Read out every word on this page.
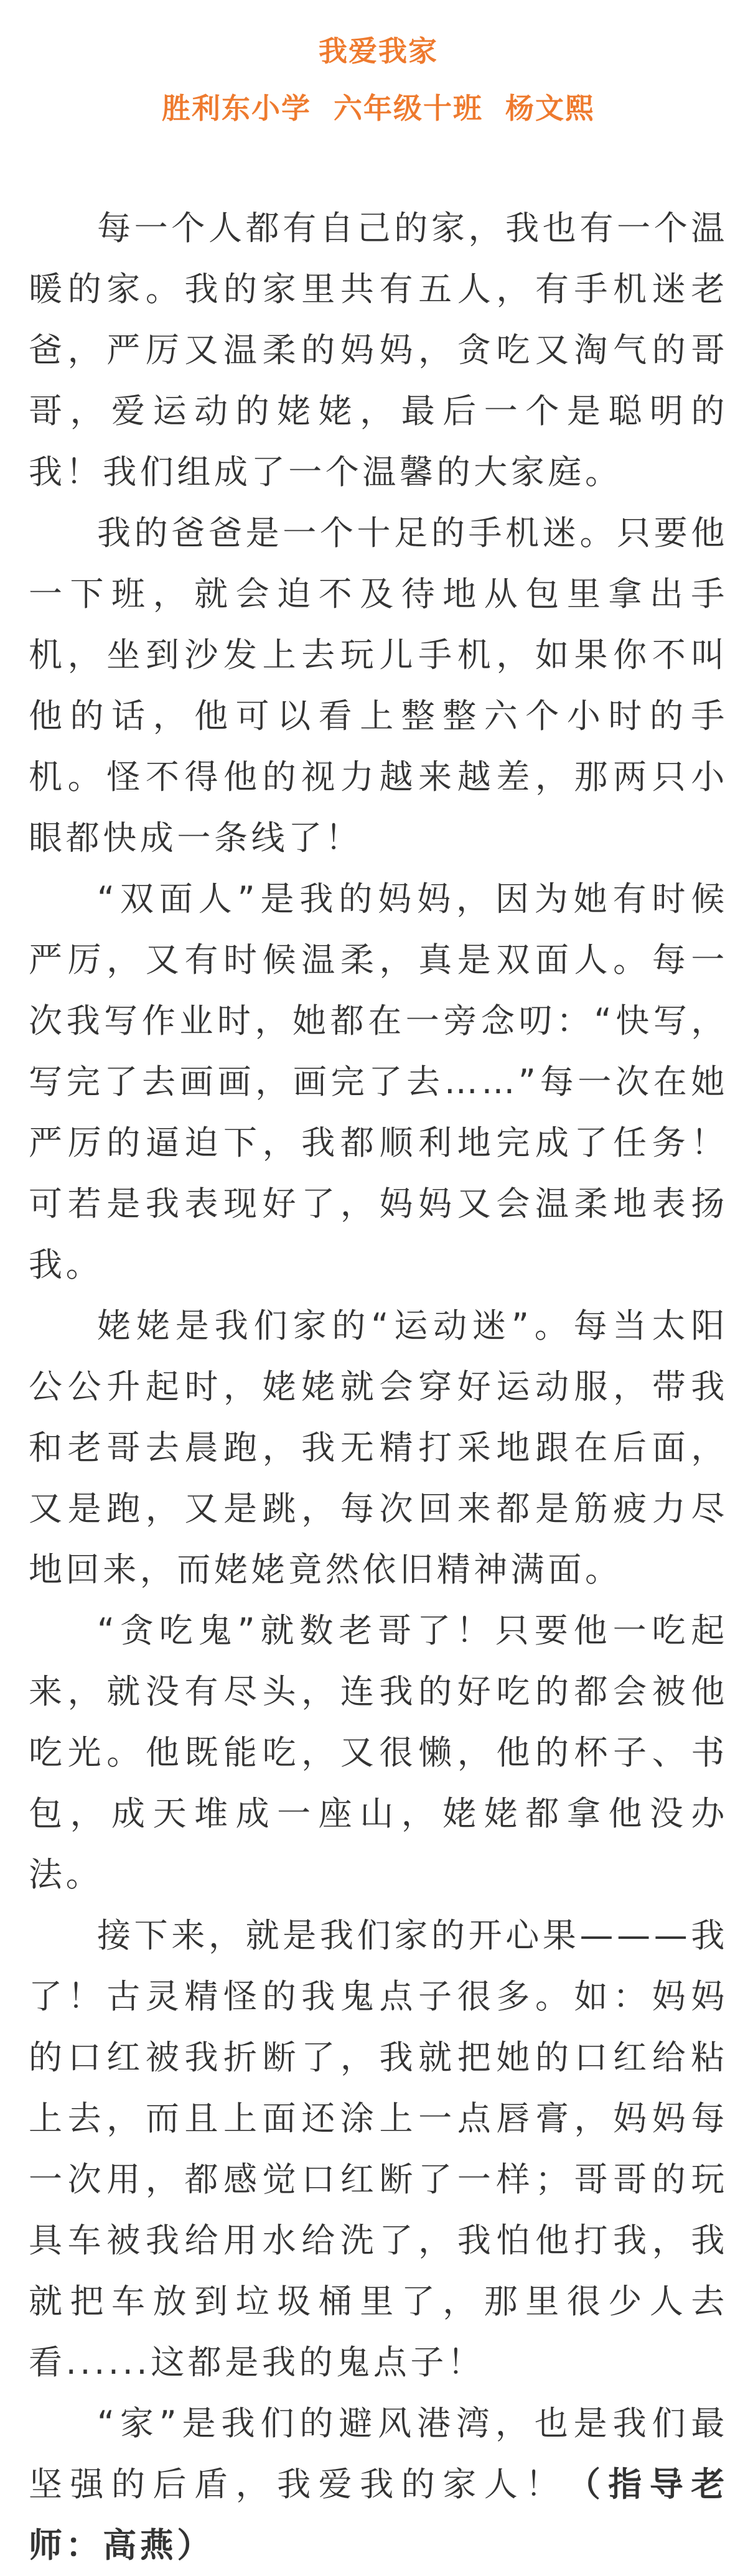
我爱我家
胜利东小学  六年级十班  杨文熙

每一个人都有自己的家，我也有一个温暖的家。我的家里共有五人，有手机迷老爸，严厉又温柔的妈妈，贪吃又淘气的哥哥，爱运动的姥姥，最后一个是聪明的我！我们组成了一个温馨的大家庭。

我的爸爸是一个十足的手机迷。只要他一下班，就会迫不及待地从包里拿出手机，坐到沙发上去玩儿手机，如果你不叫他的话，他可以看上整整六个小时的手机。怪不得他的视力越来越差，那两只小眼都快成一条线了！

“双面人”是我的妈妈，因为她有时候严厉，又有时候温柔，真是双面人。每一次我写作业时，她都在一旁念叨：“快写，写完了去画画，画完了去……”每一次在她严厉的逼迫下，我都顺利地完成了任务！可若是我表现好了，妈妈又会温柔地表扬我。

姥姥是我们家的“运动迷”。每当太阳公公升起时，姥姥就会穿好运动服，带我和老哥去晨跑，我无精打采地跟在后面，又是跑，又是跳，每次回来都是筋疲力尽地回来，而姥姥竟然依旧精神满面。

“贪吃鬼”就数老哥了！只要他一吃起来，就没有尽头，连我的好吃的都会被他吃光。他既能吃，又很懒，他的杯子、书包，成天堆成一座山，姥姥都拿他没办法。

接下来，就是我们家的开心果———我了！古灵精怪的我鬼点子很多。如：妈妈的口红被我折断了，我就把她的口红给粘上去，而且上面还涂上一点唇膏，妈妈每一次用，都感觉口红断了一样；哥哥的玩具车被我给用水给洗了，我怕他打我，我就把车放到垃圾桶里了，那里很少人去看......这都是我的鬼点子！

“家”是我们的避风港湾，也是我们最坚强的后盾，我爱我的家人！（指导老师：高燕）
